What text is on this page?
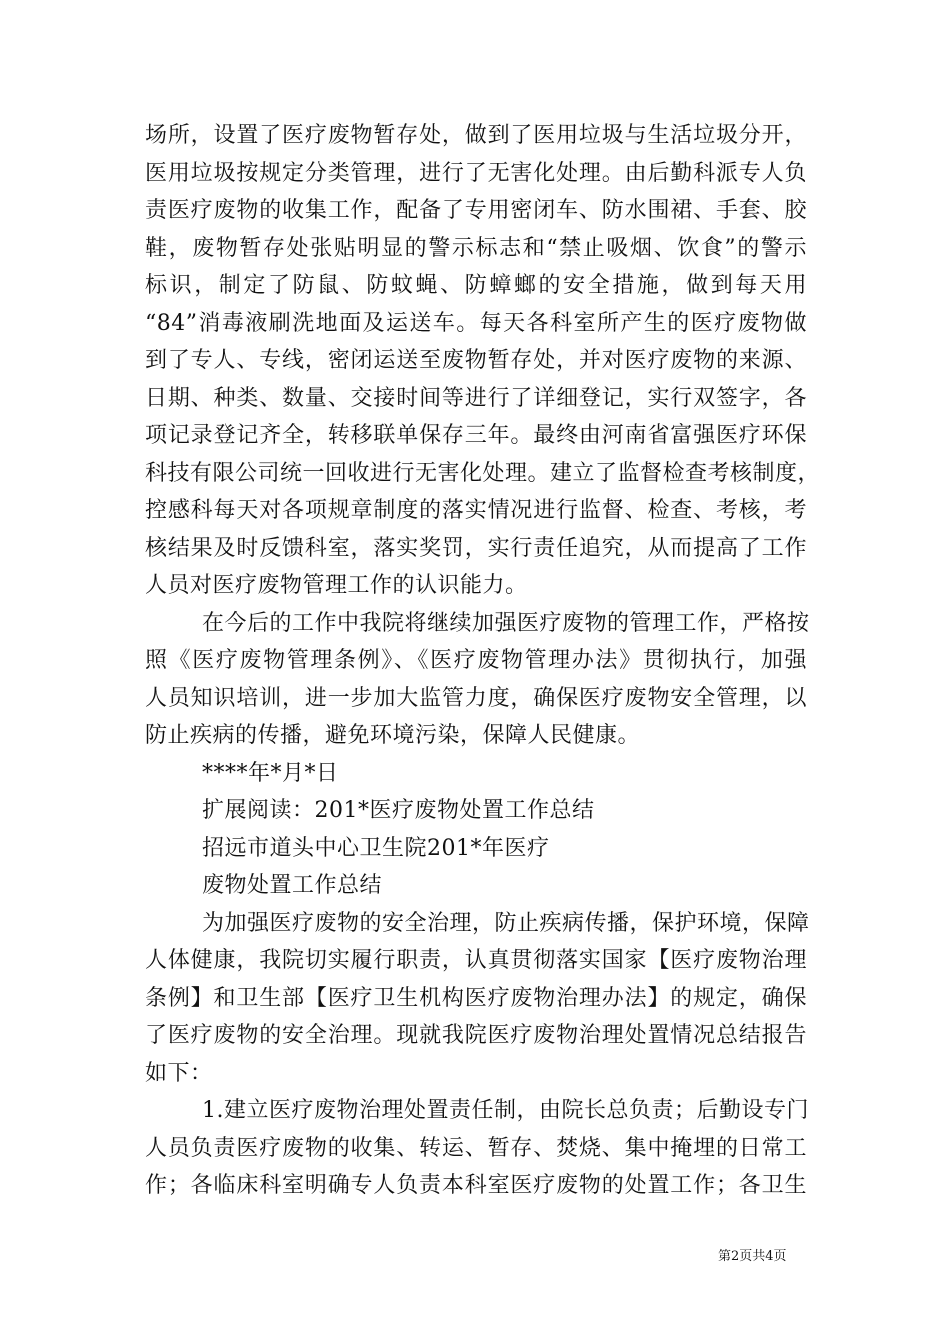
场所，设置了医疗废物暂存处，做到了医用垃圾与生活垃圾分开，
医用垃圾按规定分类管理，进行了无害化处理。由后勤科派专人负
责医疗废物的收集工作，配备了专用密闭车、防水围裙、手套、胶
鞋，废物暂存处张贴明显的警示标志和“禁止吸烟、饮食”的警示
标识，制定了防鼠、防蚊蝇、防蟑螂的安全措施，做到每天用
“84”消毒液刷洗地面及运送车。每天各科室所产生的医疗废物做
到了专人、专线，密闭运送至废物暂存处，并对医疗废物的来源、
日期、种类、数量、交接时间等进行了详细登记，实行双签字，各
项记录登记齐全，转移联单保存三年。最终由河南省富强医疗环保
科技有限公司统一回收进行无害化处理。建立了监督检查考核制度，
控感科每天对各项规章制度的落实情况进行监督、检查、考核，考
核结果及时反馈科室，落实奖罚，实行责任追究，从而提高了工作
人员对医疗废物管理工作的认识能力。
在今后的工作中我院将继续加强医疗废物的管理工作，严格按
照《医疗废物管理条例》、《医疗废物管理办法》贯彻执行，加强
人员知识培训，进一步加大监管力度，确保医疗废物安全管理，以
防止疾病的传播，避免环境污染，保障人民健康。
****年*月*日
扩展阅读：201*医疗废物处置工作总结
招远市道头中心卫生院201*年医疗
废物处置工作总结
为加强医疗废物的安全治理，防止疾病传播，保护环境，保障
人体健康，我院切实履行职责，认真贯彻落实国家【医疗废物治理
条例】和卫生部【医疗卫生机构医疗废物治理办法】的规定，确保
了医疗废物的安全治理。现就我院医疗废物治理处置情况总结报告
如下：
1.建立医疗废物治理处置责任制，由院长总负责；后勤设专门
人员负责医疗废物的收集、转运、暂存、焚烧、集中掩埋的日常工
作；各临床科室明确专人负责本科室医疗废物的处置工作；各卫生
第2页共4页
